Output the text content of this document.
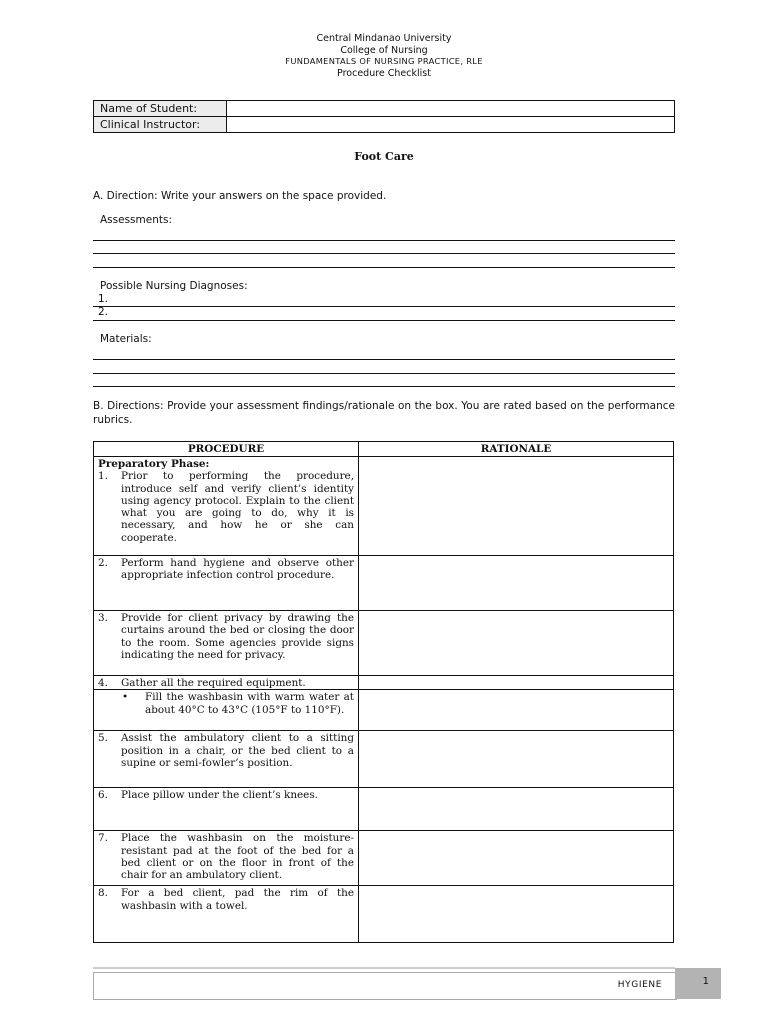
Central Mindanao University
College of Nursing
FUNDAMENTALS OF NURSING PRACTICE, RLE
Procedure Checklist
Name of Student:	
Clinical Instructor:	
Foot Care
A. Direction: Write your answers on the space provided.
Assessments:
Possible Nursing Diagnoses:
1.
2.
Materials:
B. Directions: Provide your assessment findings/rationale on the box. You are rated based on the performance rubrics.
PROCEDURE	RATIONALE

Preparatory Phase:
1. Prior to performing the procedure, introduce self and verify client’s identity using agency protocol. Explain to the client what you are going to do, why it is necessary, and how he or she can cooperate.	

2. Perform hand hygiene and observe other appropriate infection control procedure.	

3. Provide for client privacy by drawing the curtains around the bed or closing the door to the room. Some agencies provide signs indicating the need for privacy.	

4. Gather all the required equipment.	

• Fill the washbasin with warm water at about 40°C to 43°C (105°F to 110°F).	

5. Assist the ambulatory client to a sitting position in a chair, or the bed client to a supine or semi-fowler’s position.	

6. Place pillow under the client’s knees.	

7. Place the washbasin on the moisture-resistant pad at the foot of the bed for a bed client or on the floor in front of the chair for an ambulatory client.	

8. For a bed client, pad the rim of the washbasin with a towel.	

HYGIENE	1
